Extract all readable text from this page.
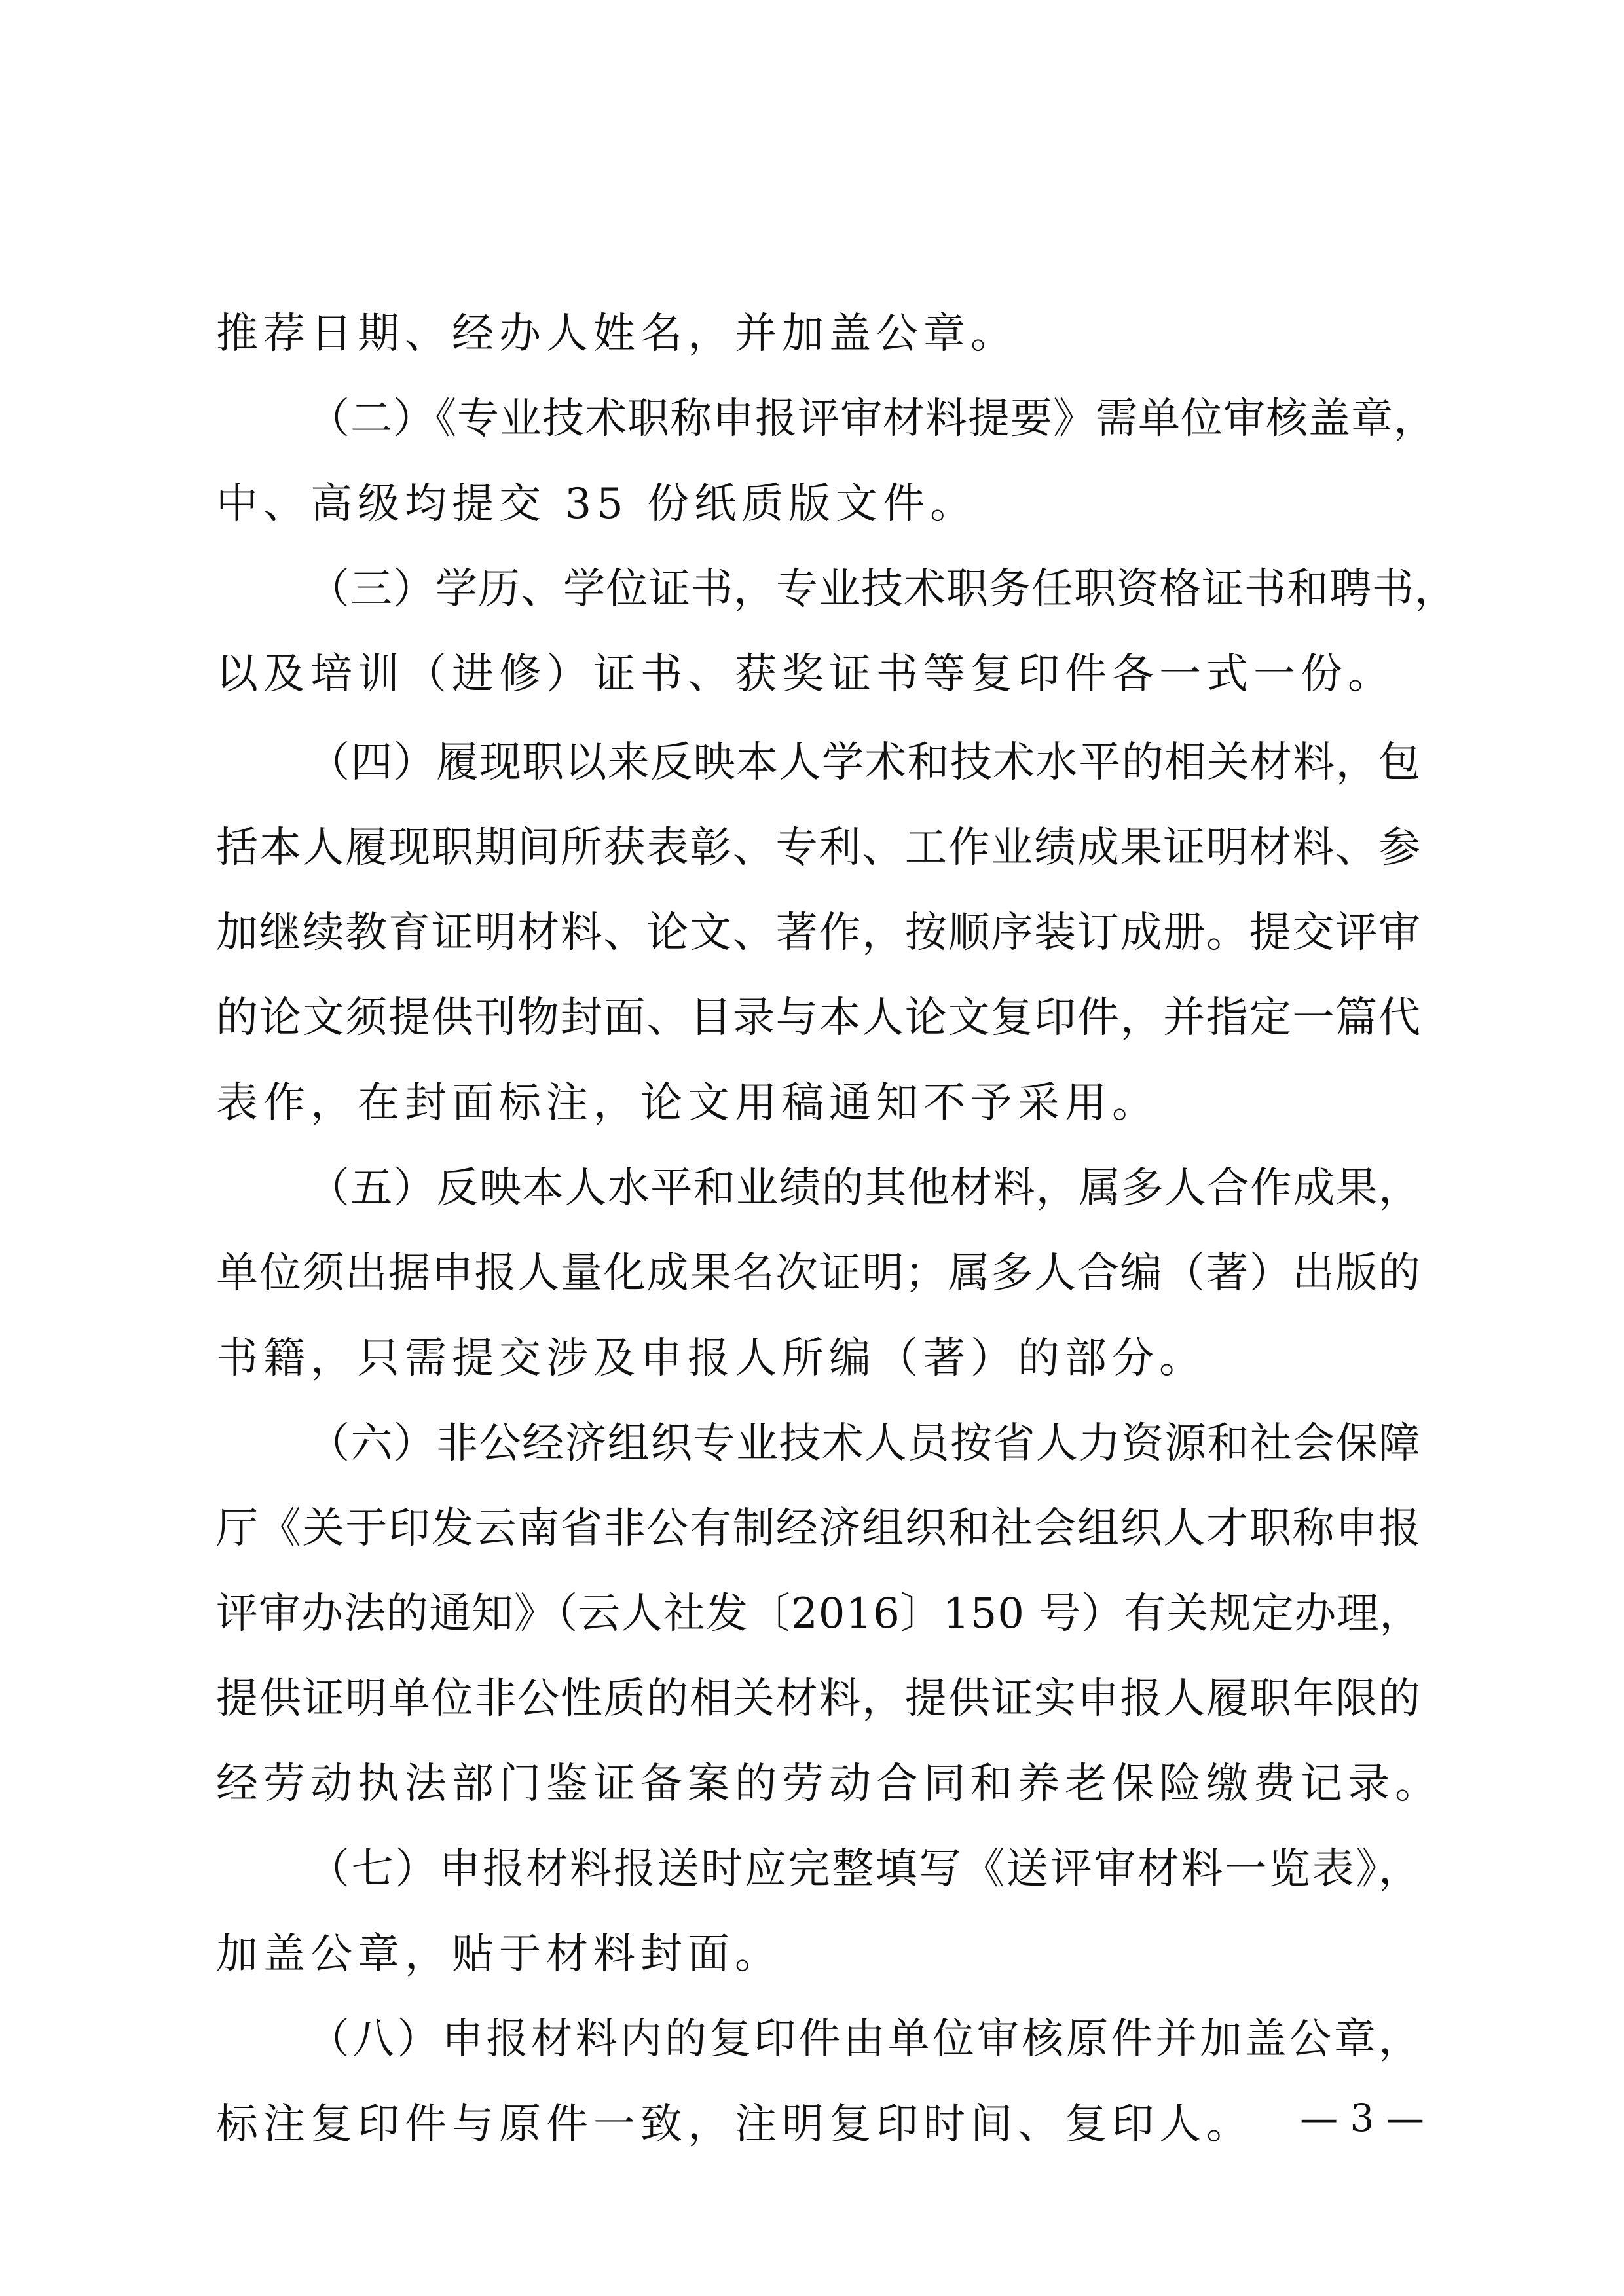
推荐日期、经办人姓名，并加盖公章。
（二）《专业技术职称申报评审材料提要》需单位审核盖章，
中、高级均提交 35 份纸质版文件。
（三）学历、学位证书，专业技术职务任职资格证书和聘书，
以及培训（进修）证书、获奖证书等复印件各一式一份。
（四）履现职以来反映本人学术和技术水平的相关材料，包
括本人履现职期间所获表彰、专利、工作业绩成果证明材料、参
加继续教育证明材料、论文、著作，按顺序装订成册。提交评审
的论文须提供刊物封面、目录与本人论文复印件，并指定一篇代
表作，在封面标注，论文用稿通知不予采用。
（五）反映本人水平和业绩的其他材料，属多人合作成果，
单位须出据申报人量化成果名次证明；属多人合编（著）出版的
书籍，只需提交涉及申报人所编（著）的部分。
（六）非公经济组织专业技术人员按省人力资源和社会保障
厅《关于印发云南省非公有制经济组织和社会组织人才职称申报
评审办法的通知》（云人社发〔2016〕150 号）有关规定办理，
提供证明单位非公性质的相关材料，提供证实申报人履职年限的
经劳动执法部门鉴证备案的劳动合同和养老保险缴费记录。
（七）申报材料报送时应完整填写《送评审材料一览表》，
加盖公章，贴于材料封面。
（八）申报材料内的复印件由单位审核原件并加盖公章，
标注复印件与原件一致，注明复印时间、复印人。	— 3 —
